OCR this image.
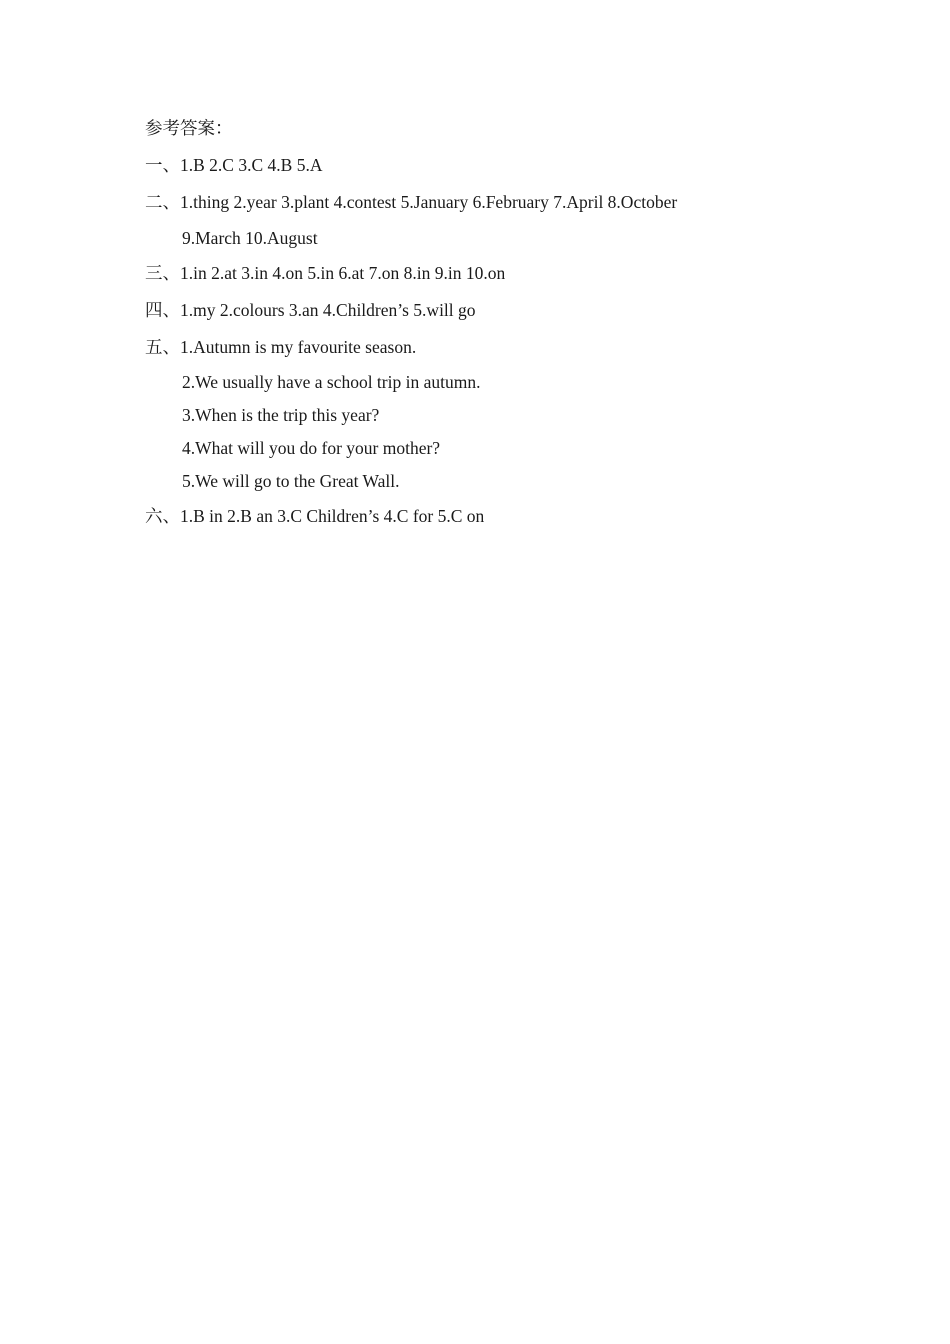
参考答案：
一、1.B 2.C 3.C 4.B 5.A
二、1.thing 2.year 3.plant 4.contest 5.January 6.February 7.April 8.October
9.March 10.August
三、1.in 2.at 3.in 4.on 5.in 6.at 7.on 8.in 9.in 10.on
四、1.my 2.colours 3.an 4.Children’s 5.will go
五、1.Autumn is my favourite season.
2.We usually have a school trip in autumn.
3.When is the trip this year?
4.What will you do for your mother?
5.We will go to the Great Wall.
六、1.B in 2.B an 3.C Children’s 4.C for 5.C on
